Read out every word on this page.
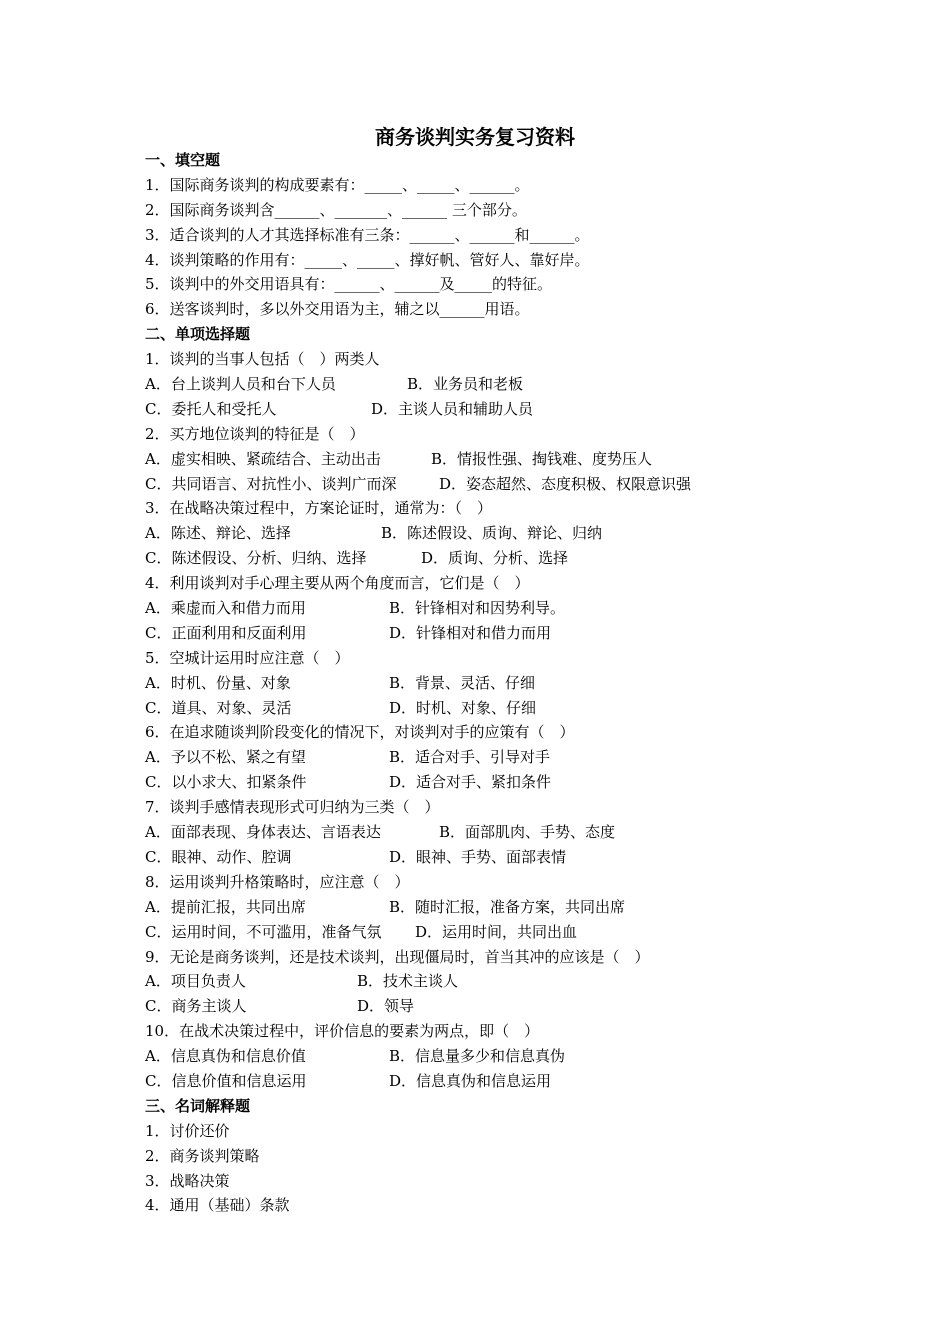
商务谈判实务复习资料
一、填空题
1．国际商务谈判的构成要素有：_____、_____、______。
2．国际商务谈判含______、_______、______ 三个部分。
3．适合谈判的人才其选择标准有三条：______、______和______。
4．谈判策略的作用有：_____、_____、撑好帆、管好人、靠好岸。
5．谈判中的外交用语具有：______、______及_____的特征。
6．送客谈判时，多以外交用语为主，辅之以______用语。
二、单项选择题
1．谈判的当事人包括（　）两类人
A．台上谈判人员和台下人员	B．业务员和老板
C．委托人和受托人	D．主谈人员和辅助人员
2．买方地位谈判的特征是（　）
A．虚实相映、紧疏结合、主动出击	B．情报性强、掏钱难、度势压人
C．共同语言、对抗性小、谈判广而深	D．姿态超然、态度积极、权限意识强
3．在战略决策过程中，方案论证时，通常为：（　）
A．陈述、辩论、选择	B．陈述假设、质询、辩论、归纳
C．陈述假设、分析、归纳、选择	D．质询、分析、选择
4．利用谈判对手心理主要从两个角度而言，它们是（　）
A．乘虚而入和借力而用	B．针锋相对和因势利导。
C．正面利用和反面利用	D．针锋相对和借力而用
5．空城计运用时应注意（　）
A．时机、份量、对象	B．背景、灵活、仔细
C．道具、对象、灵活	D．时机、对象、仔细
6．在追求随谈判阶段变化的情况下，对谈判对手的应策有（　）
A．予以不松、紧之有望	B．适合对手、引导对手
C．以小求大、扣紧条件	D．适合对手、紧扣条件
7．谈判手感情表现形式可归纳为三类（　）
A．面部表现、身体表达、言语表达	B．面部肌肉、手势、态度
C．眼神、动作、腔调	D．眼神、手势、面部表情
8．运用谈判升格策略时，应注意（　）
A．提前汇报，共同出席	B．随时汇报，准备方案，共同出席
C．运用时间，不可滥用，准备气氛 D．运用时间，共同出血
9．无论是商务谈判，还是技术谈判，出现僵局时，首当其冲的应该是（　）
A．项目负责人	B．技术主谈人
C．商务主谈人	D．领导
10．在战术决策过程中，评价信息的要素为两点，即（　）
A．信息真伪和信息价值	B．信息量多少和信息真伪
C．信息价值和信息运用	D．信息真伪和信息运用
三、名词解释题
1．讨价还价
2．商务谈判策略
3．战略决策
4．通用（基础）条款
